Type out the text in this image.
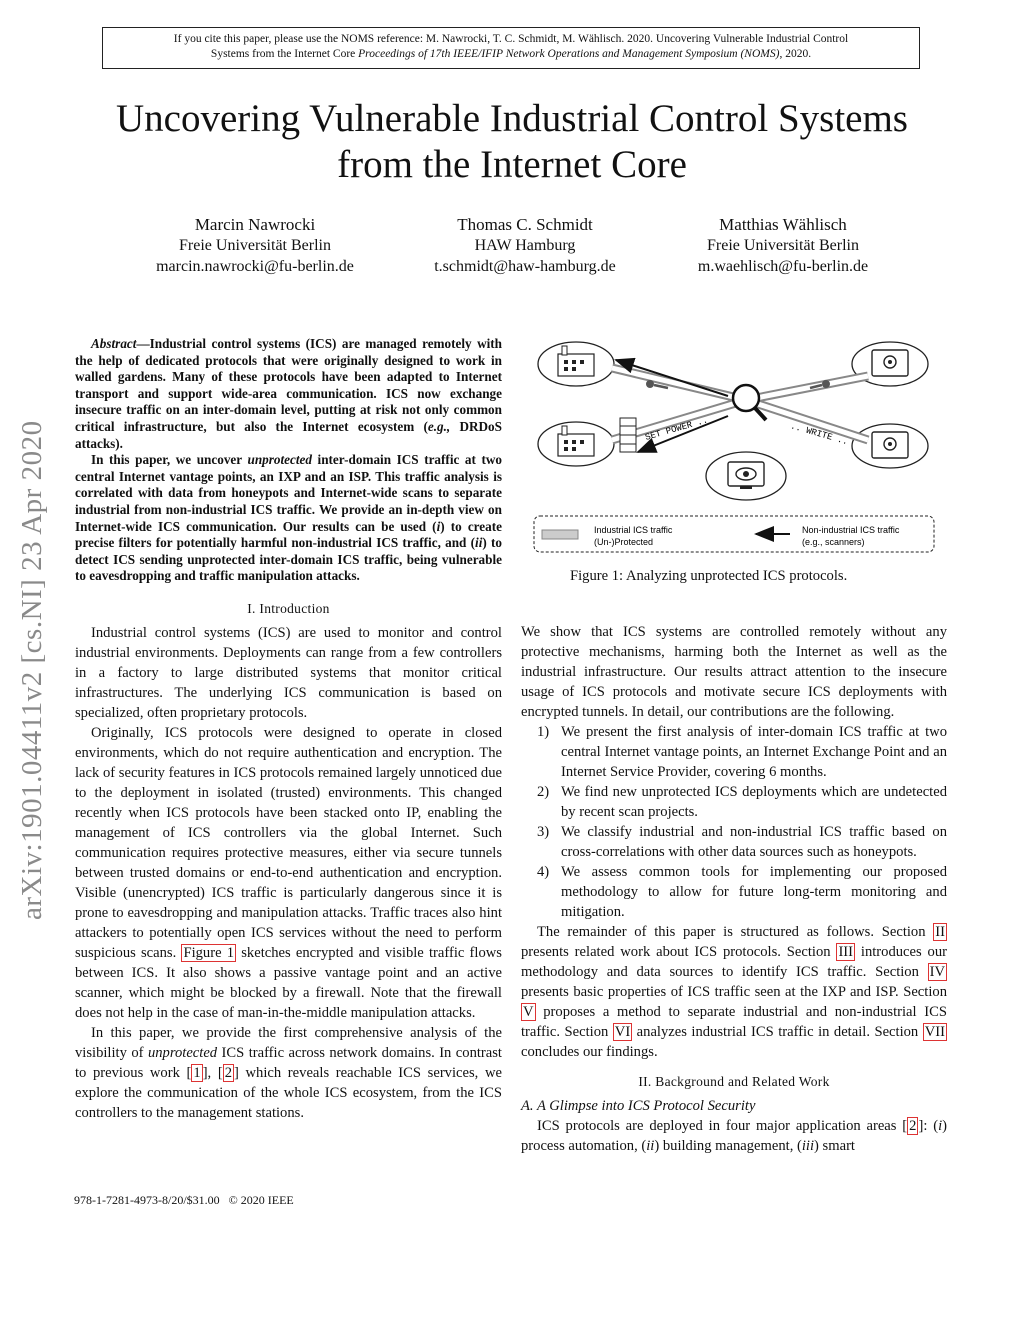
If you cite this paper, please use the NOMS reference: M. Nawrocki, T. C. Schmidt, M. Wählisch. 2020. Uncovering Vulnerable Industrial Control
Systems from the Internet Core Proceedings of 17th IEEE/IFIP Network Operations and Management Symposium (NOMS), 2020.
Uncovering Vulnerable Industrial Control Systems
from the Internet Core
Marcin Nawrocki
Freie Universität Berlin
marcin.nawrocki@fu-berlin.de
Thomas C. Schmidt
HAW Hamburg
t.schmidt@haw-hamburg.de
Matthias Wählisch
Freie Universität Berlin
m.waehlisch@fu-berlin.de
arXiv:1901.04411v2 [cs.NI] 23 Apr 2020

Abstract—Industrial control systems (ICS) are managed remotely with the help of dedicated protocols that were originally designed to work in walled gardens. Many of these protocols have been adapted to Internet transport and support wide-area communication. ICS now exchange insecure traffic on an inter-domain level, putting at risk not only common critical infrastructure, but also the Internet ecosystem (e.g., DRDoS attacks).

In this paper, we uncover unprotected inter-domain ICS traffic at two central Internet vantage points, an IXP and an ISP. This traffic analysis is correlated with data from honeypots and Internet-wide scans to separate industrial from non-industrial ICS traffic. We provide an in-depth view on Internet-wide ICS communication. Our results can be used (i) to create precise filters for potentially harmful non-industrial ICS traffic, and (ii) to detect ICS sending unprotected inter-domain ICS traffic, being vulnerable to eavesdropping and traffic manipulation attacks.

I. Introduction

Industrial control systems (ICS) are used to monitor and control industrial environments. Deployments can range from a few controllers in a factory to large distributed systems that monitor critical infrastructures. The underlying ICS communication is based on specialized, often proprietary protocols.

Originally, ICS protocols were designed to operate in closed environments, which do not require authentication and encryption. The lack of security features in ICS protocols remained largely unnoticed due to the deployment in isolated (trusted) environments. This changed recently when ICS protocols have been stacked onto IP, enabling the management of ICS controllers via the global Internet. Such communication requires protective measures, either via secure tunnels between trusted domains or end-to-end authentication and encryption. Visible (unencrypted) ICS traffic is particularly dangerous since it is prone to eavesdropping and manipulation attacks. Traffic traces also hint attackers to potentially open ICS services without the need to perform suspicious scans. Figure 1 sketches encrypted and visible traffic flows between ICS. It also shows a passive vantage point and an active scanner, which might be blocked by a firewall. Note that the firewall does not help in the case of man-in-the-middle manipulation attacks.

In this paper, we provide the first comprehensive analysis of the visibility of unprotected ICS traffic across network domains. In contrast to previous work [ 1 ], [ 2 ] which reveals reachable ICS services, we explore the communication of the whole ICS ecosystem, from the ICS controllers to the management stations.

978-1-7281-4973-8/20/$31.00 © 2020 IEEE
SET POWER ..	.. WRITE ..
Industrial ICS traffic
(Un-)Protected
Non-industrial ICS traffic
(e.g., scanners)
Figure 1: Analyzing unprotected ICS protocols.

We show that ICS systems are controlled remotely without any protective mechanisms, harming both the Internet as well as the industrial infrastructure. Our results attract attention to the insecure usage of ICS protocols and motivate secure ICS deployments with encrypted tunnels. In detail, our contributions are the following.

1) We present the first analysis of inter-domain ICS traffic at two central Internet vantage points, an Internet Exchange Point and an Internet Service Provider, covering 6 months.
2) We find new unprotected ICS deployments which are undetected by recent scan projects.
3) We classify industrial and non-industrial ICS traffic based on cross-correlations with other data sources such as honeypots.
4) We assess common tools for implementing our proposed methodology to allow for future long-term monitoring and mitigation.

The remainder of this paper is structured as follows. Section II presents related work about ICS protocols. Section III introduces our methodology and data sources to identify ICS traffic. Section IV presents basic properties of ICS traffic seen at the IXP and ISP. Section V proposes a method to separate industrial and non-industrial ICS traffic. Section VI analyzes industrial ICS traffic in detail. Section VII concludes our findings.

II. Background and Related Work
A. A Glimpse into ICS Protocol Security

ICS protocols are deployed in four major application areas [ 2 ]: (i) process automation, (ii) building management, (iii) smart
